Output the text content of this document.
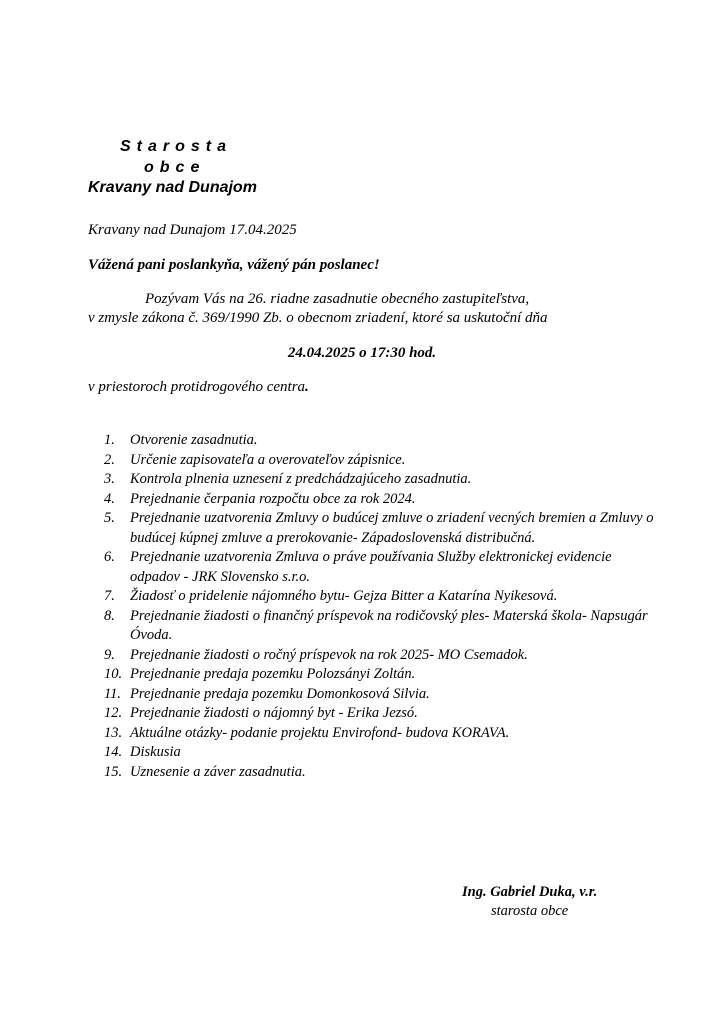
Starosta
obce
Kravany nad Dunajom
Kravany nad Dunajom 17.04.2025
Vážená pani poslankyňa, vážený pán poslanec!
Pozývam Vás na 26. riadne zasadnutie obecného zastupiteľstva,
v zmysle zákona č. 369/1990 Zb. o obecnom zriadení, ktoré sa uskutoční dňa
24.04.2025 o 17:30 hod.
v priestoroch protidrogového centra.
1. Otvorenie zasadnutia.
2. Určenie zapisovateľa a overovateľov zápisnice.
3. Kontrola plnenia uznesení z predchádzajúceho zasadnutia.
4. Prejednanie čerpania rozpočtu obce za rok 2024.
5. Prejednanie uzatvorenia Zmluvy o budúcej zmluve o zriadení vecných bremien a Zmluvy o budúcej kúpnej zmluve a prerokovanie- Západoslovenská distribučná.
6. Prejednanie uzatvorenia Zmluva o práve používania Služby elektronickej evidencie odpadov - JRK Slovensko s.r.o.
7. Žiadosť o pridelenie nájomného bytu- Gejza Bitter a Katarína Nyikesová.
8. Prejednanie žiadosti o finančný príspevok na rodičovský ples- Materská škola- Napsugár Óvoda.
9. Prejednanie žiadosti o ročný príspevok na rok 2025- MO Csemadok.
10. Prejednanie predaja pozemku Polozsányi Zoltán.
11. Prejednanie predaja pozemku Domonkosová Silvia.
12. Prejednanie žiadosti o nájomný byt - Erika Jezsó.
13. Aktuálne otázky- podanie projektu Envirofond- budova KORAVA.
14. Diskusia
15. Uznesenie a záver zasadnutia.
Ing. Gabriel Duka, v.r.
starosta obce
